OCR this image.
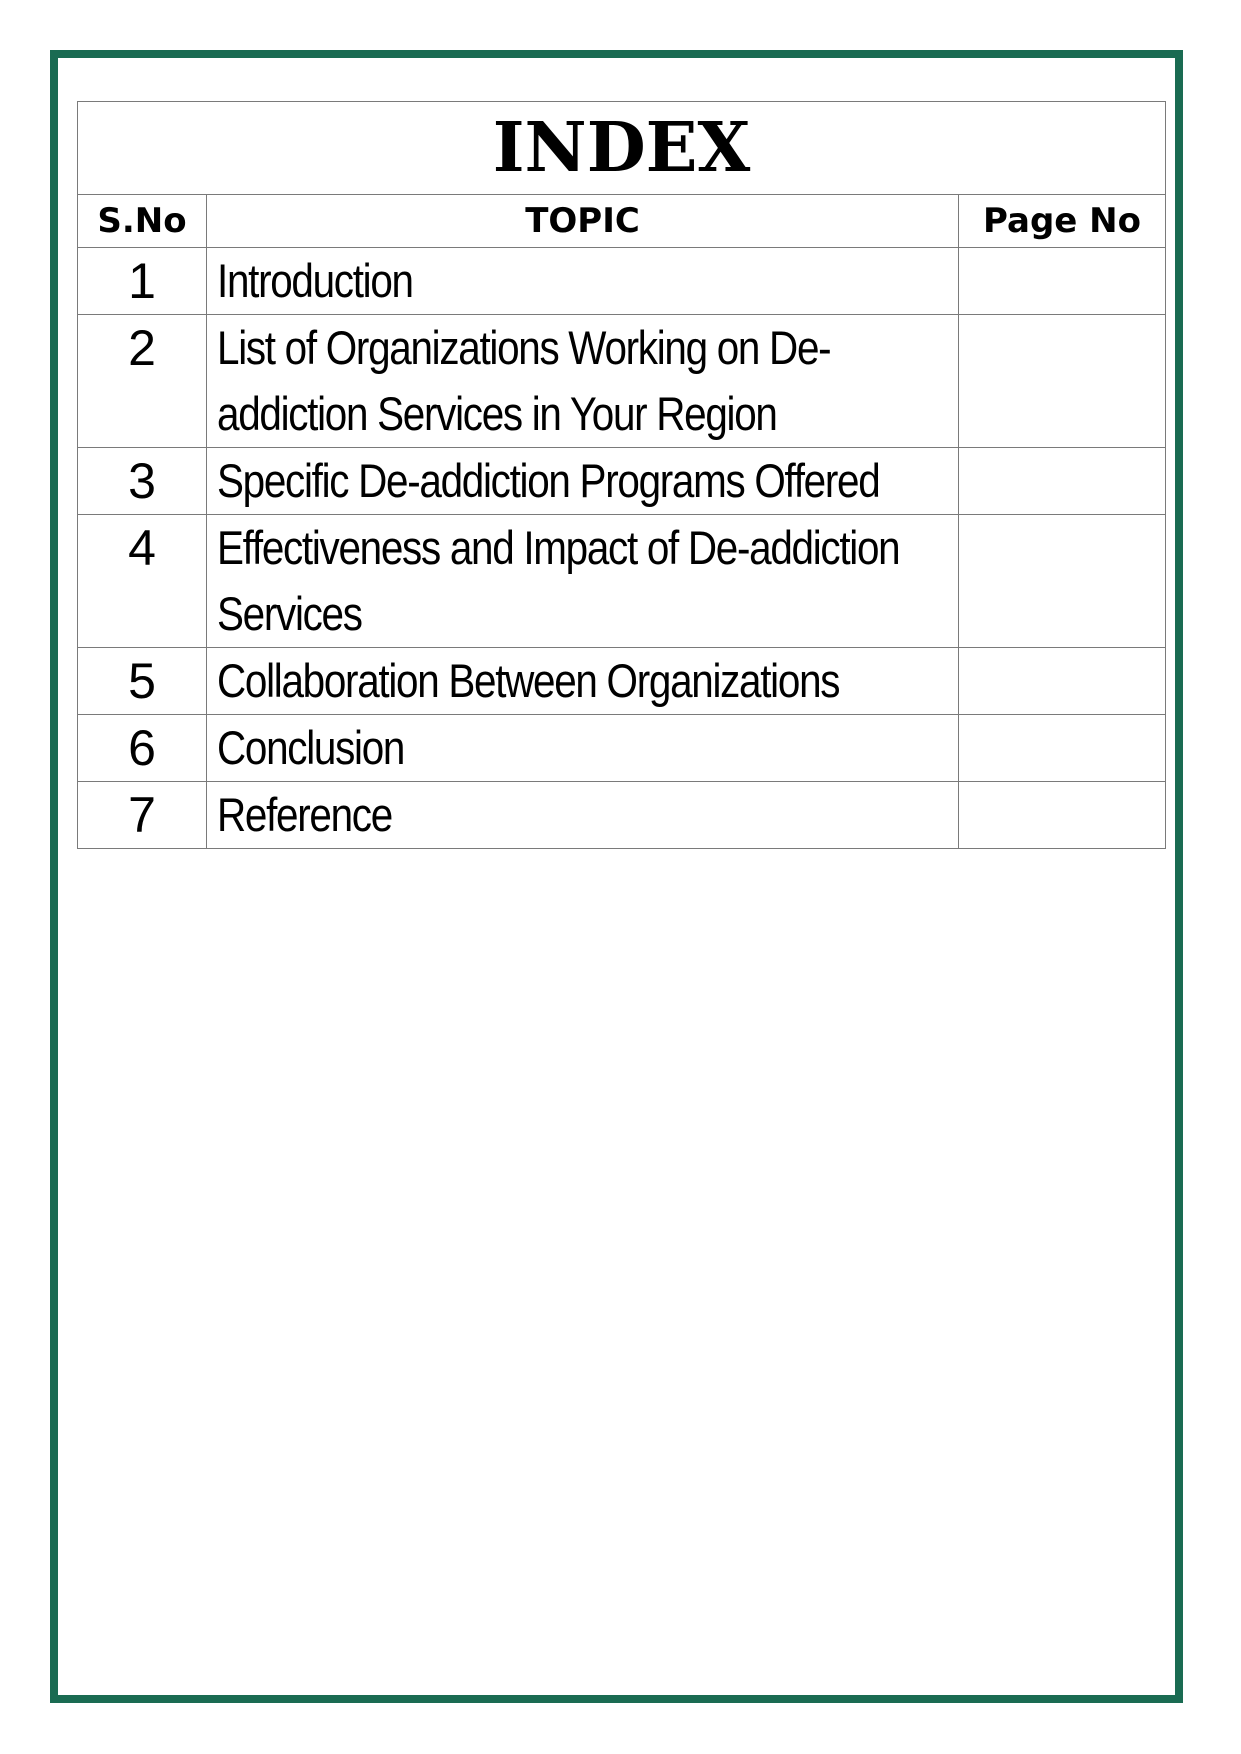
INDEX		
S.No	TOPIC	Page No
1	Introduction	
2	List of Organizations Working on De-addiction Services in Your Region	
3	Specific De-addiction Programs Offered	
4	Effectiveness and Impact of De-addiction Services	
5	Collaboration Between Organizations	
6	Conclusion	
7	Reference	
